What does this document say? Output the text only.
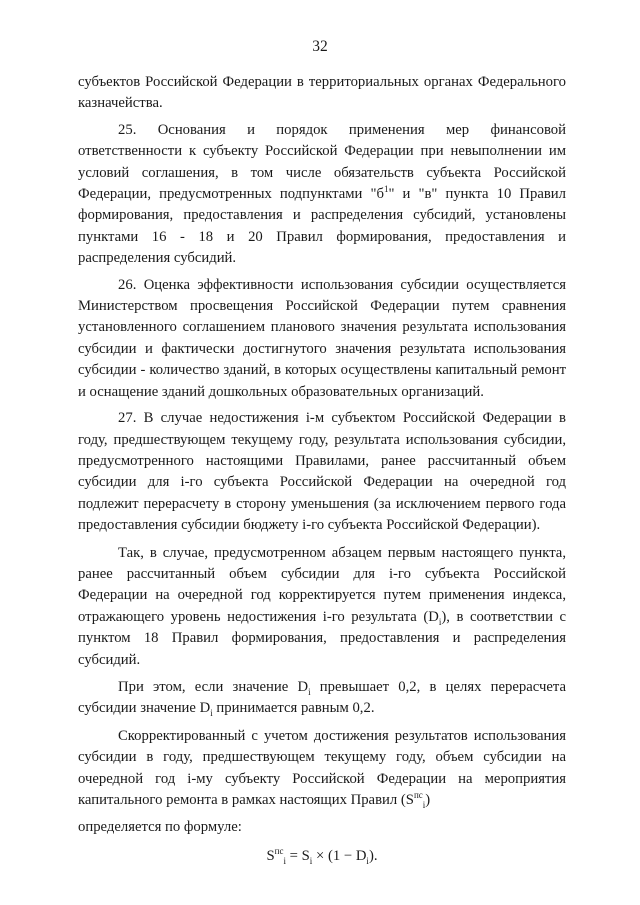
32

субъектов Российской Федерации в территориальных органах Федерального казначейства.

25. Основания и порядок применения мер финансовой ответственности к субъекту Российской Федерации при невыполнении им условий соглашения, в том числе обязательств субъекта Российской Федерации, предусмотренных подпунктами "$б^1$" и "в" пункта 10 Правил формирования, предоставления и распределения субсидий, установлены пунктами 16 - 18 и 20 Правил формирования, предоставления и распределения субсидий.

26. Оценка эффективности использования субсидии осуществляется Министерством просвещения Российской Федерации путем сравнения установленного соглашением планового значения результата использования субсидии и фактически достигнутого значения результата использования субсидии - количество зданий, в которых осуществлены капитальный ремонт и оснащение зданий дошкольных образовательных организаций.

27. В случае недостижения i-м субъектом Российской Федерации в году, предшествующем текущему году, результата использования субсидии, предусмотренного настоящими Правилами, ранее рассчитанный объем субсидии для i-го субъекта Российской Федерации на очередной год подлежит перерасчету в сторону уменьшения (за исключением первого года предоставления субсидии бюджету i-го субъекта Российской Федерации).

Так, в случае, предусмотренном абзацем первым настоящего пункта, ранее рассчитанный объем субсидии для i-го субъекта Российской Федерации на очередной год корректируется путем применения индекса, отражающего уровень недостижения i-го результата $(D_i)$, в соответствии с пунктом 18 Правил формирования, предоставления и распределения субсидий.

При этом, если значение $D_i$ превышает 0,2, в целях перерасчета субсидии значение $D_i$ принимается равным 0,2.

Скорректированный с учетом достижения результатов использования субсидии в году, предшествующем текущему году, объем субсидии на очередной год i-му субъекту Российской Федерации на мероприятия капитального ремонта в рамках настоящих Правил $(S^{пс}_i)$

определяется по формуле:

$S^{пс}_i = S_i \times (1 - D_i)$.
